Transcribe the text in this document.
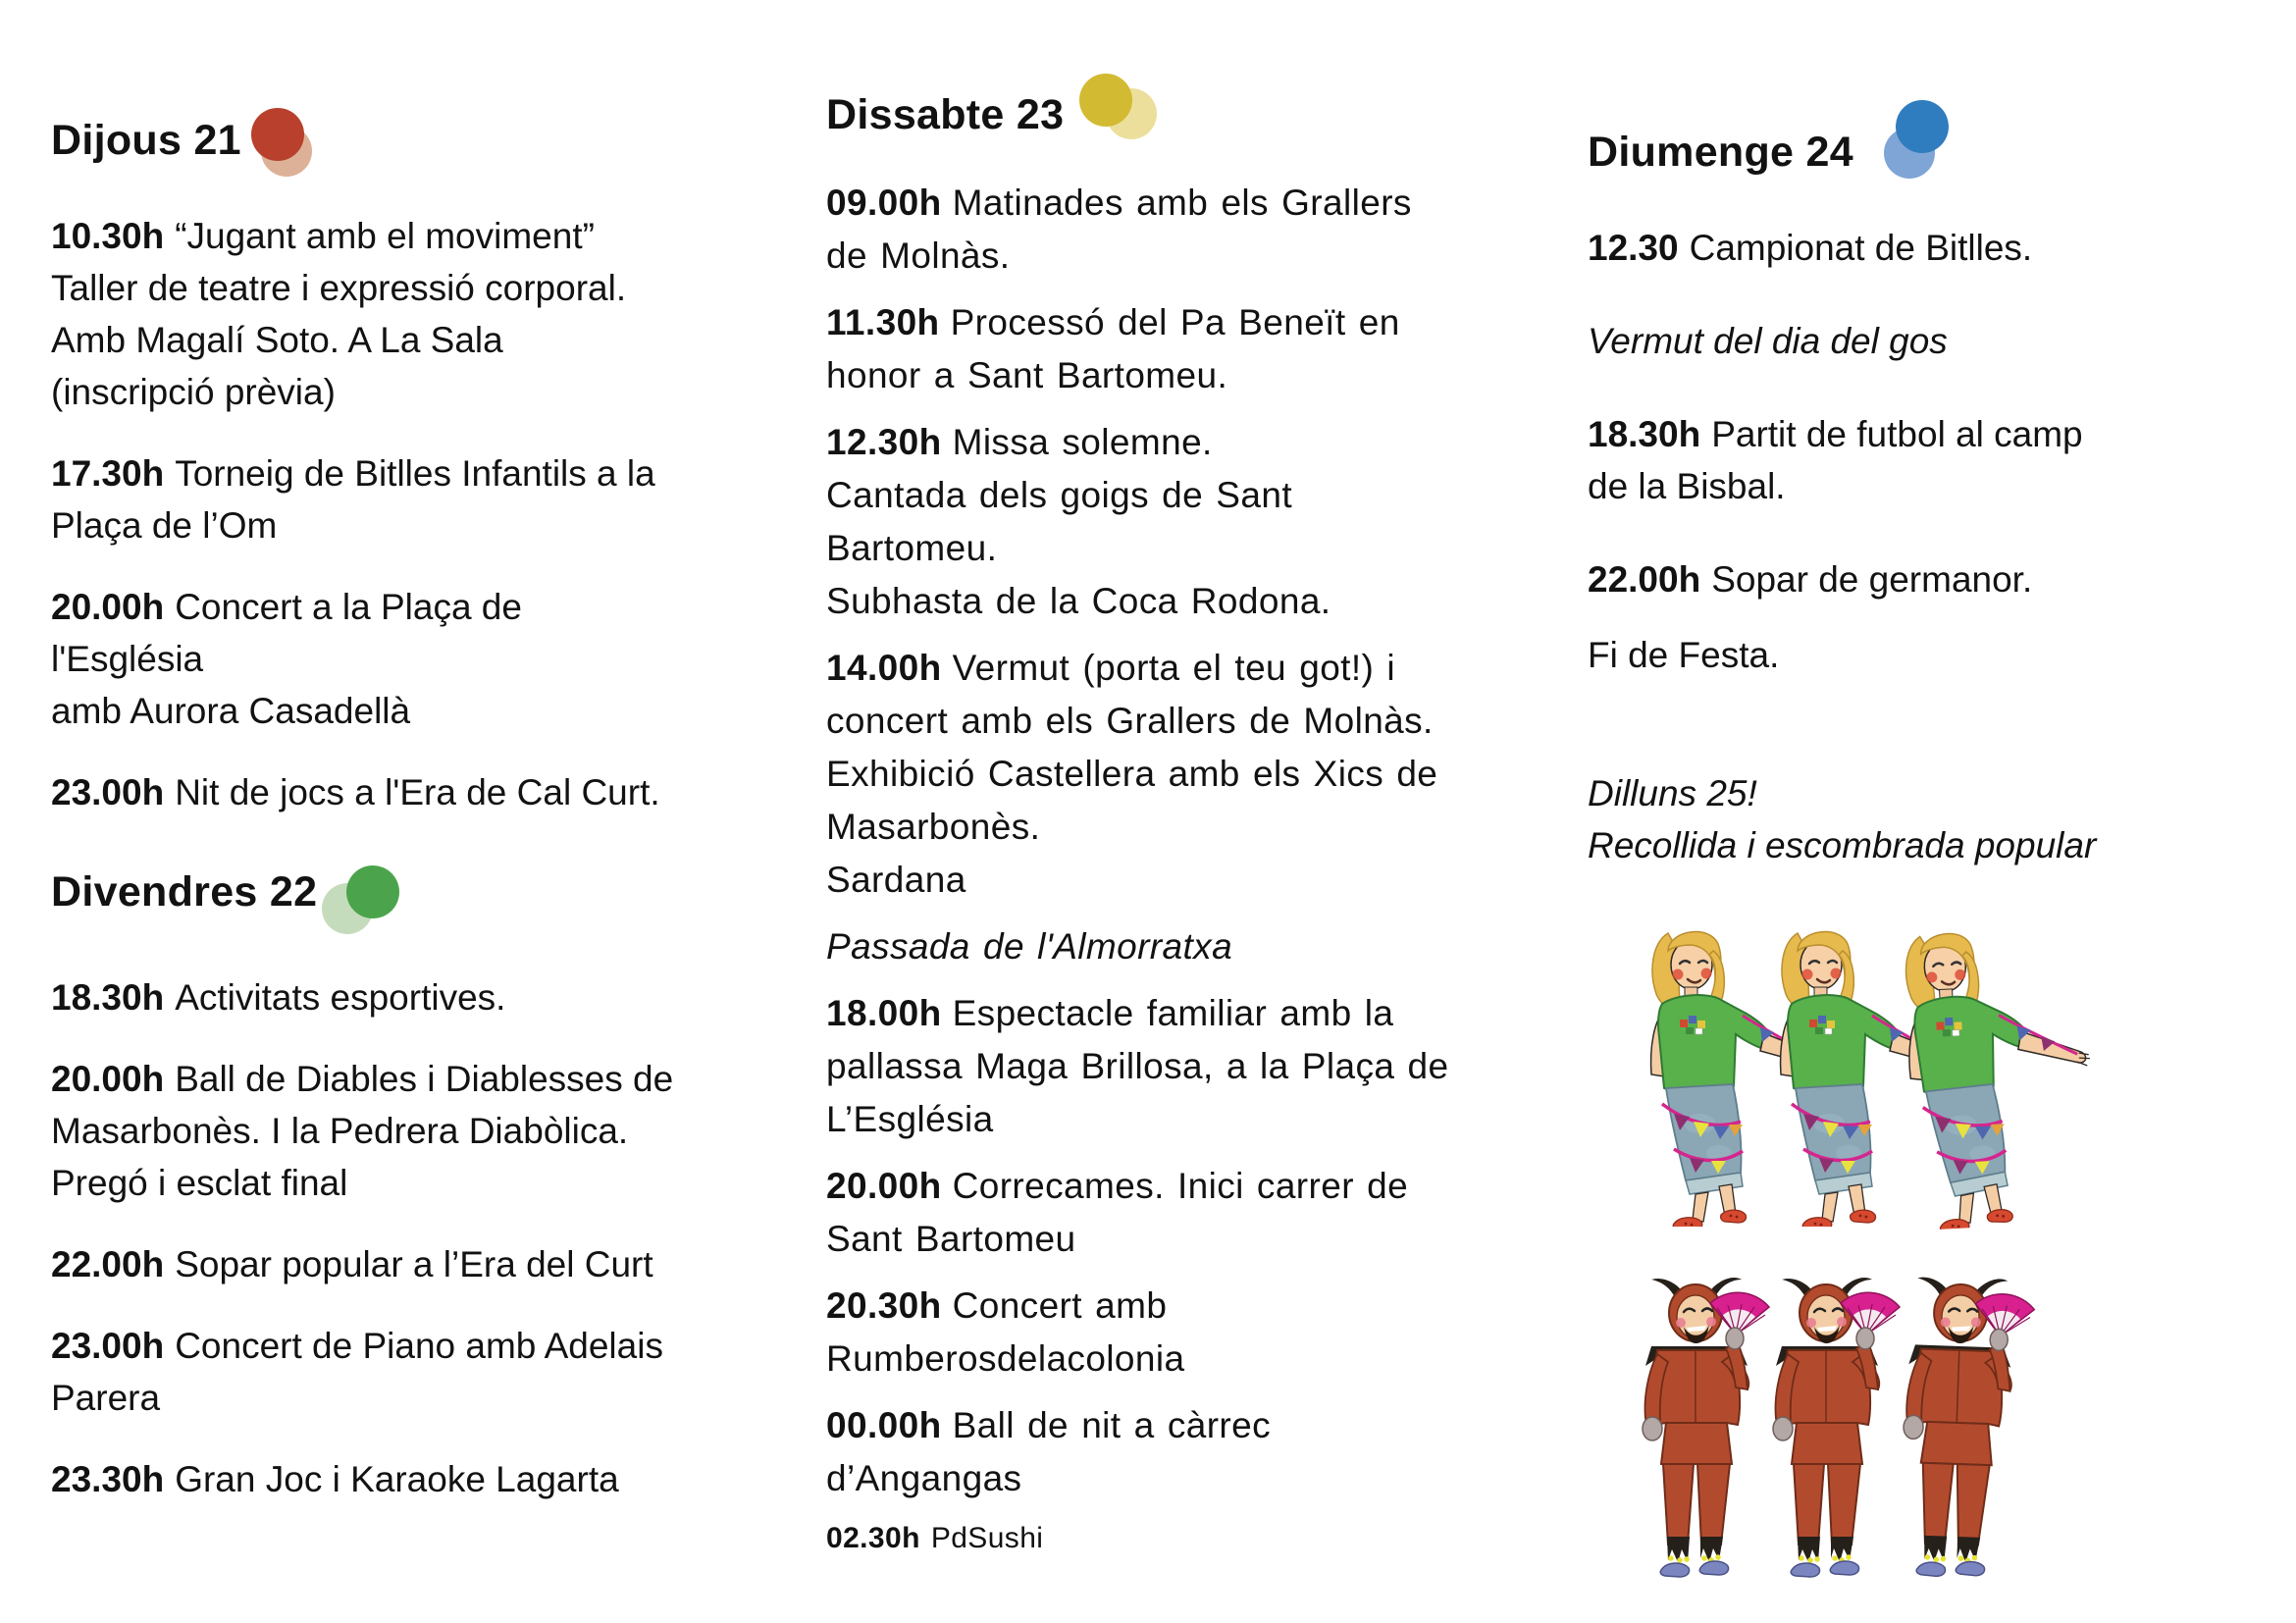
Dijous 21

10.30h “Jugant amb el moviment”
Taller de teatre i expressió corporal.
Amb Magalí Soto. A La Sala
(inscripció prèvia)

17.30h Torneig de Bitlles Infantils a la
Plaça de l’Om

20.00h Concert a la Plaça de l'Església
amb Aurora Casadellà

23.00h Nit de jocs a l'Era de Cal Curt.

Divendres 22

18.30h Activitats esportives.

20.00h Ball de Diables i Diablesses de
Masarbonès. I la Pedrera Diabòlica.
Pregó i esclat final

22.00h Sopar popular a l’Era del Curt

23.00h Concert de Piano amb Adelais
Parera

23.30h Gran Joc i Karaoke Lagarta

Dissabte 23

09.00h Matinades amb els Grallers
de Molnàs.

11.30h Processó del Pa Beneït en
honor a Sant Bartomeu.

12.30h Missa solemne.
Cantada dels goigs de Sant
Bartomeu.
Subhasta de la Coca Rodona.

14.00h Vermut (porta el teu got!) i
concert amb els Grallers de Molnàs.
Exhibició Castellera amb els Xics de
Masarbonès.
Sardana

Passada de l'Almorratxa

18.00h Espectacle familiar amb la
pallassa Maga Brillosa, a la Plaça de
L’Església

20.00h Correcames. Inici carrer de
Sant Bartomeu

20.30h Concert amb
Rumberosdelacolonia

00.00h Ball de nit a càrrec
d’Angangas

02.30h PdSushi

Diumenge 24

12.30 Campionat de Bitlles.

Vermut del dia del gos

18.30h Partit de futbol al camp
de la Bisbal.

22.00h Sopar de germanor.

Fi de Festa.

Dilluns 25!
Recollida i escombrada popular
